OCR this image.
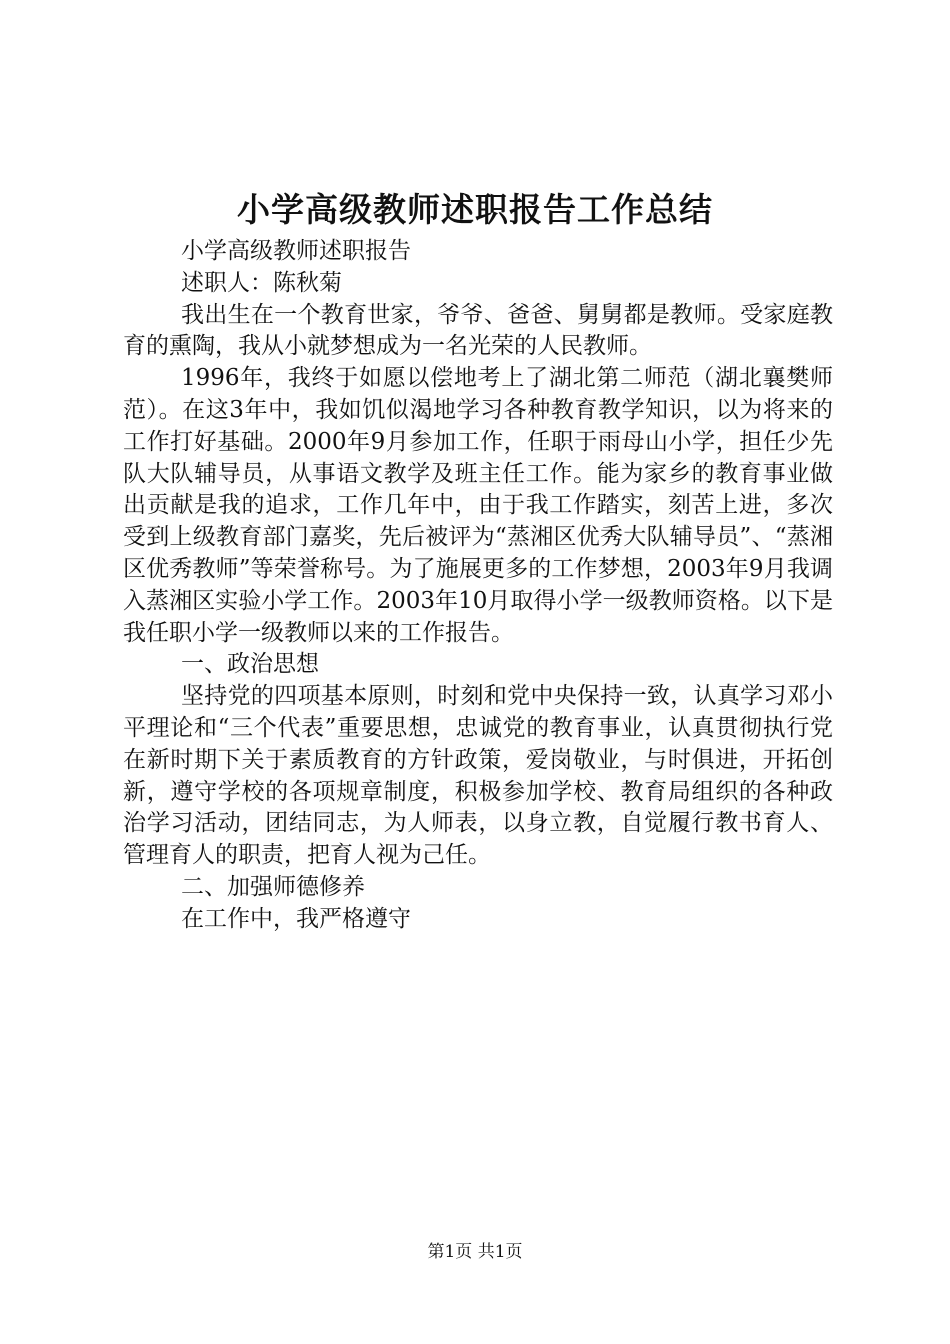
小学高级教师述职报告工作总结

小学高级教师述职报告

述职人：陈秋菊

我出生在一个教育世家，爷爷、爸爸、舅舅都是教师。受家庭教育的熏陶，我从小就梦想成为一名光荣的人民教师。

1996年，我终于如愿以偿地考上了湖北第二师范（湖北襄樊师范）。在这3年中，我如饥似渴地学习各种教育教学知识，以为将来的工作打好基础。2000年9月参加工作，任职于雨母山小学，担任少先队大队辅导员，从事语文教学及班主任工作。能为家乡的教育事业做出贡献是我的追求，工作几年中，由于我工作踏实，刻苦上进，多次受到上级教育部门嘉奖，先后被评为“蒸湘区优秀大队辅导员”、“蒸湘区优秀教师”等荣誉称号。为了施展更多的工作梦想，2003年9月我调入蒸湘区实验小学工作。2003年10月取得小学一级教师资格。以下是我任职小学一级教师以来的工作报告。

一、政治思想

坚持党的四项基本原则，时刻和党中央保持一致，认真学习邓小平理论和“三个代表”重要思想，忠诚党的教育事业，认真贯彻执行党在新时期下关于素质教育的方针政策，爱岗敬业，与时俱进，开拓创新，遵守学校的各项规章制度，积极参加学校、教育局组织的各种政治学习活动，团结同志，为人师表，以身立教，自觉履行教书育人、管理育人的职责，把育人视为己任。

二、加强师德修养

在工作中，我严格遵守

第1页 共1页
